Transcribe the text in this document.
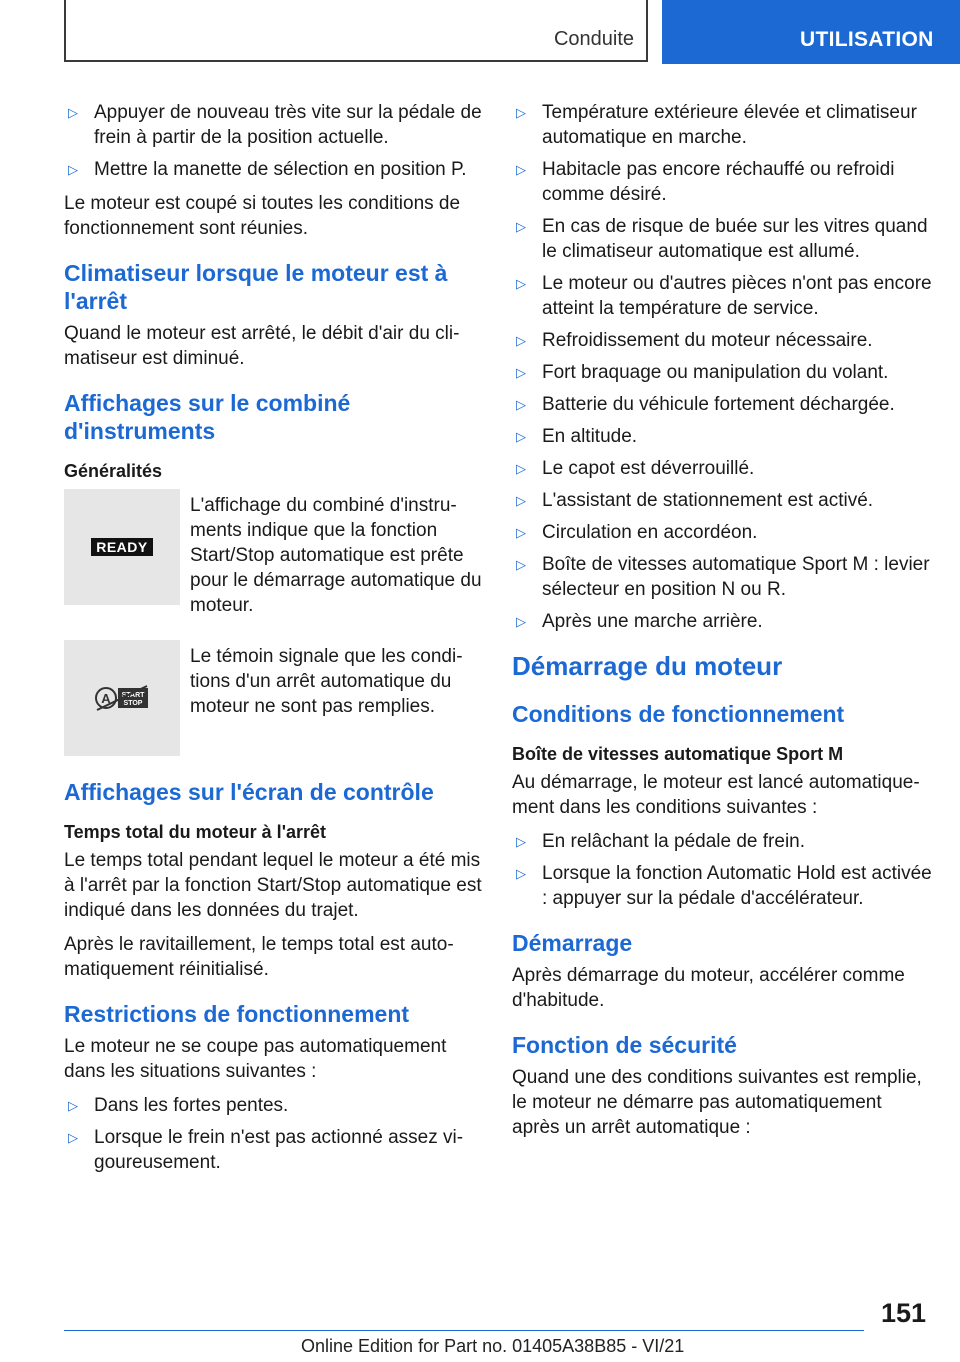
Conduite	UTILISATION
▷ Appuyer de nouveau très vite sur la pédale de frein à partir de la position actuelle.
▷ Mettre la manette de sélection en position P.

Le moteur est coupé si toutes les conditions de fonctionnement sont réunies.

Climatiseur lorsque le moteur est à l'arrêt

Quand le moteur est arrêté, le débit d'air du climatiseur est diminué.

Affichages sur le combiné d'instruments
Généralités
READY
L'affichage du combiné d'instruments indique que la fonction Start/Stop automatique est prête pour le démarrage automatique du moteur.
A START
STOP
Le témoin signale que les conditions d'un arrêt automatique du moteur ne sont pas remplies.
Affichages sur l'écran de contrôle
Temps total du moteur à l'arrêt

Le temps total pendant lequel le moteur a été mis à l'arrêt par la fonction Start/Stop automatique est indiqué dans les données du trajet.

Après le ravitaillement, le temps total est automatiquement réinitialisé.

Restrictions de fonctionnement

Le moteur ne se coupe pas automatiquement dans les situations suivantes :

▷ Dans les fortes pentes.
▷ Lorsque le frein n'est pas actionné assez vigoureusement.
▷ Température extérieure élevée et climatiseur automatique en marche.
▷ Habitacle pas encore réchauffé ou refroidi comme désiré.
▷ En cas de risque de buée sur les vitres quand le climatiseur automatique est allumé.
▷ Le moteur ou d'autres pièces n'ont pas encore atteint la température de service.
▷ Refroidissement du moteur nécessaire.
▷ Fort braquage ou manipulation du volant.
▷ Batterie du véhicule fortement déchargée.
▷ En altitude.
▷ Le capot est déverrouillé.
▷ L'assistant de stationnement est activé.
▷ Circulation en accordéon.
▷ Boîte de vitesses automatique Sport M : levier sélecteur en position N ou R.
▷ Après une marche arrière.
Démarrage du moteur
Conditions de fonctionnement
Boîte de vitesses automatique Sport M

Au démarrage, le moteur est lancé automatiquement dans les conditions suivantes :

▷ En relâchant la pédale de frein.
▷ Lorsque la fonction Automatic Hold est activée : appuyer sur la pédale d'accélérateur.
Démarrage

Après démarrage du moteur, accélérer comme d'habitude.

Fonction de sécurité

Quand une des conditions suivantes est remplie, le moteur ne démarre pas automatiquement après un arrêt automatique :

151
Online Edition for Part no. 01405A38B85 - VI/21
